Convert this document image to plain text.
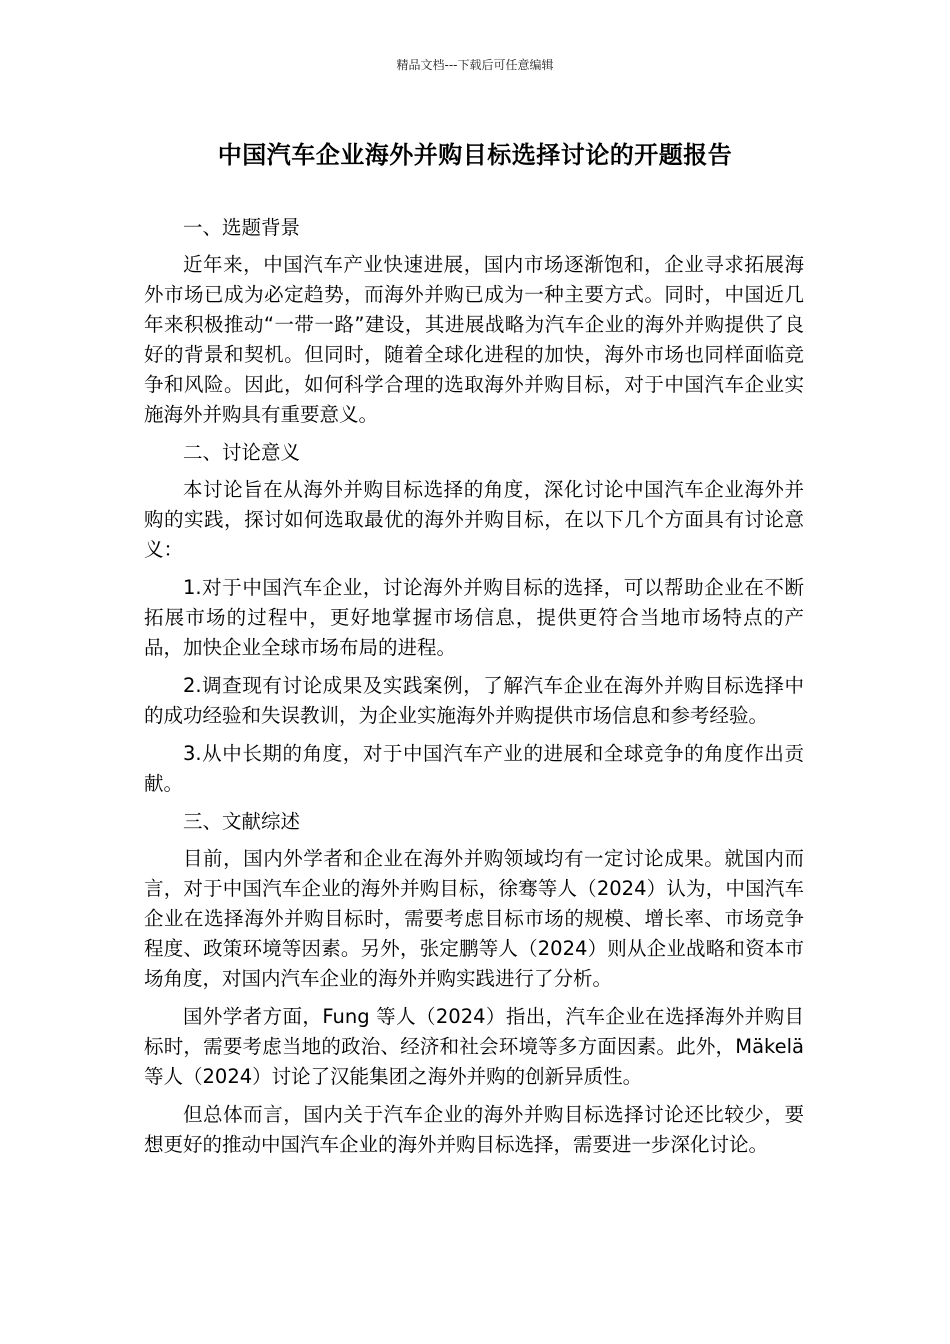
精品文档---下载后可任意编辑
中国汽车企业海外并购目标选择讨论的开题报告

一、选题背景

近年来，中国汽车产业快速进展，国内市场逐渐饱和，企业寻求拓展海外市场已成为必定趋势，而海外并购已成为一种主要方式。同时，中国近几年来积极推动“一带一路”建设，其进展战略为汽车企业的海外并购提供了良好的背景和契机。但同时，随着全球化进程的加快，海外市场也同样面临竞争和风险。因此，如何科学合理的选取海外并购目标，对于中国汽车企业实施海外并购具有重要意义。

二、讨论意义

本讨论旨在从海外并购目标选择的角度，深化讨论中国汽车企业海外并购的实践，探讨如何选取最优的海外并购目标，在以下几个方面具有讨论意义：

1.对于中国汽车企业，讨论海外并购目标的选择，可以帮助企业在不断拓展市场的过程中，更好地掌握市场信息，提供更符合当地市场特点的产品，加快企业全球市场布局的进程。

2.调查现有讨论成果及实践案例，了解汽车企业在海外并购目标选择中的成功经验和失误教训，为企业实施海外并购提供市场信息和参考经验。

3.从中长期的角度，对于中国汽车产业的进展和全球竞争的角度作出贡献。

三、文献综述

目前，国内外学者和企业在海外并购领域均有一定讨论成果。就国内而言，对于中国汽车企业的海外并购目标，徐骞等人（2024）认为，中国汽车企业在选择海外并购目标时，需要考虑目标市场的规模、增长率、市场竞争程度、政策环境等因素。另外，张定鹏等人（2024）则从企业战略和资本市场角度，对国内汽车企业的海外并购实践进行了分析。

国外学者方面，Fung 等人（2024）指出，汽车企业在选择海外并购目标时，需要考虑当地的政治、经济和社会环境等多方面因素。此外，Mäkelä 等人（2024）讨论了汉能集团之海外并购的创新异质性。

但总体而言，国内关于汽车企业的海外并购目标选择讨论还比较少，要想更好的推动中国汽车企业的海外并购目标选择，需要进一步深化讨论。
